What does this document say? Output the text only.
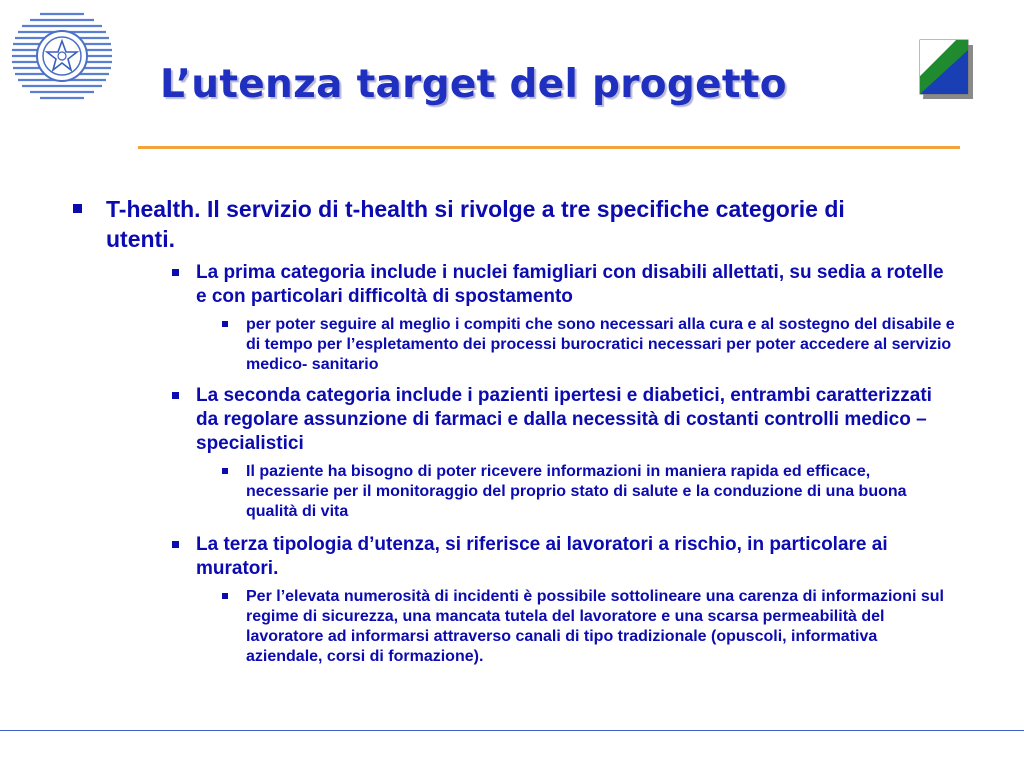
L’utenza target del progetto
T-health. Il servizio di t-health si rivolge a tre specifiche categorie di utenti.
La prima categoria include i nuclei famigliari con disabili allettati, su sedia a rotelle e con particolari difficoltà di spostamento
per poter seguire al meglio i compiti che sono necessari alla cura e al sostegno del disabile e di tempo per l’espletamento dei processi burocratici necessari per poter accedere al servizio medico- sanitario
La seconda categoria include i pazienti ipertesi e diabetici, entrambi caratterizzati da regolare assunzione di farmaci e dalla necessità di costanti controlli medico – specialistici
Il paziente ha bisogno di poter ricevere informazioni in maniera rapida ed efficace, necessarie per il monitoraggio del proprio stato di salute e la conduzione di una buona qualità di vita
La terza tipologia d’utenza, si riferisce ai lavoratori a rischio, in particolare ai muratori.
Per l’elevata numerosità di incidenti è possibile sottolineare una carenza di informazioni sul regime di sicurezza, una mancata tutela del lavoratore e una scarsa permeabilità del lavoratore ad informarsi attraverso canali di tipo tradizionale (opuscoli, informativa aziendale, corsi di formazione).
